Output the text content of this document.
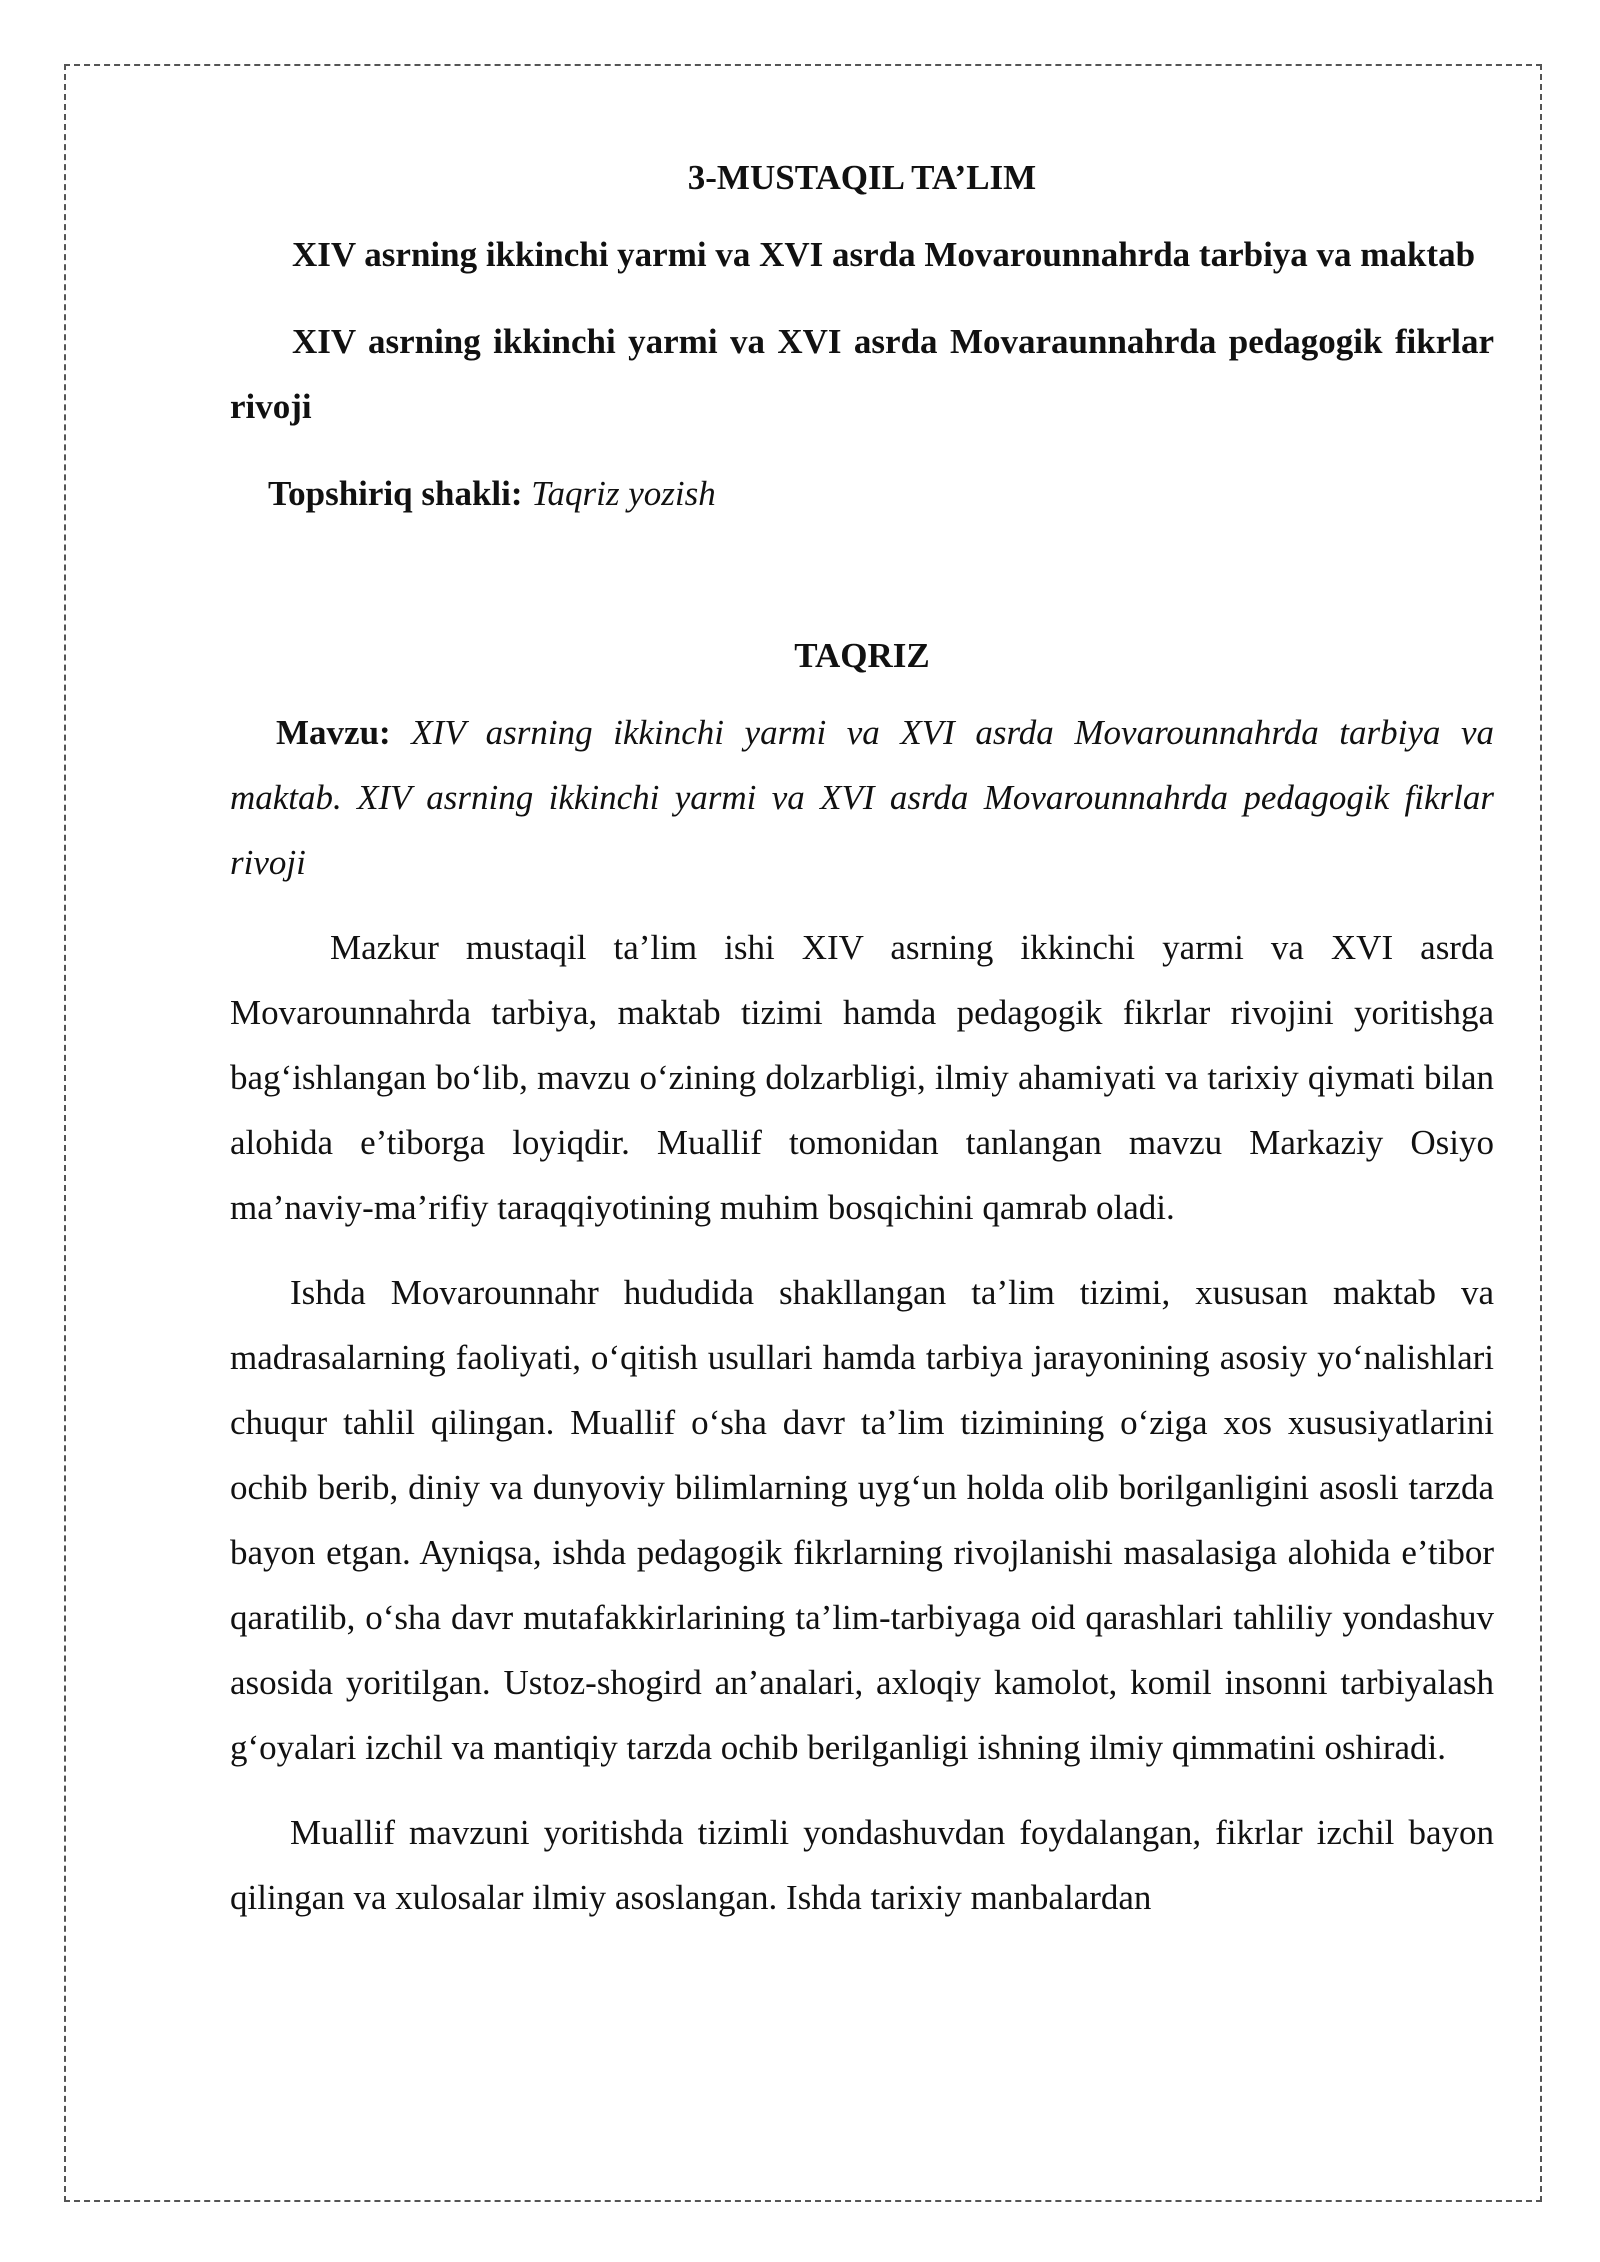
3-MUSTAQIL TA’LIM

XIV asrning ikkinchi yarmi va XVI asrda Movarounnahrda tarbiya va maktab

XIV asrning ikkinchi yarmi va XVI asrda Movaraunnahrda pedagogik fikrlar rivoji

Topshiriq shakli: Taqriz yozish

TAQRIZ

Mavzu: XIV asrning ikkinchi yarmi va XVI asrda Movarounnahrda tarbiya va maktab. XIV asrning ikkinchi yarmi va XVI asrda Movarounnahrda pedagogik fikrlar rivoji

Mazkur mustaqil ta’lim ishi XIV asrning ikkinchi yarmi va XVI asrda Movarounnahrda tarbiya, maktab tizimi hamda pedagogik fikrlar rivojini yoritishga bag‘ishlangan bo‘lib, mavzu o‘zining dolzarbligi, ilmiy ahamiyati va tarixiy qiymati bilan alohida e’tiborga loyiqdir. Muallif tomonidan tanlangan mavzu Markaziy Osiyo ma’naviy-ma’rifiy taraqqiyotining muhim bosqichini qamrab oladi.

Ishda Movarounnahr hududida shakllangan ta’lim tizimi, xususan maktab va madrasalarning faoliyati, o‘qitish usullari hamda tarbiya jarayonining asosiy yo‘nalishlari chuqur tahlil qilingan. Muallif o‘sha davr ta’lim tizimining o‘ziga xos xususiyatlarini ochib berib, diniy va dunyoviy bilimlarning uyg‘un holda olib borilganligini asosli tarzda bayon etgan. Ayniqsa, ishda pedagogik fikrlarning rivojlanishi masalasiga alohida e’tibor qaratilib, o‘sha davr mutafakkirlarining ta’lim-tarbiyaga oid qarashlari tahliliy yondashuv asosida yoritilgan. Ustoz-shogird an’analari, axloqiy kamolot, komil insonni tarbiyalash g‘oyalari izchil va mantiqiy tarzda ochib berilganligi ishning ilmiy qimmatini oshiradi.

Muallif mavzuni yoritishda tizimli yondashuvdan foydalangan, fikrlar izchil bayon qilingan va xulosalar ilmiy asoslangan. Ishda tarixiy manbalardan
